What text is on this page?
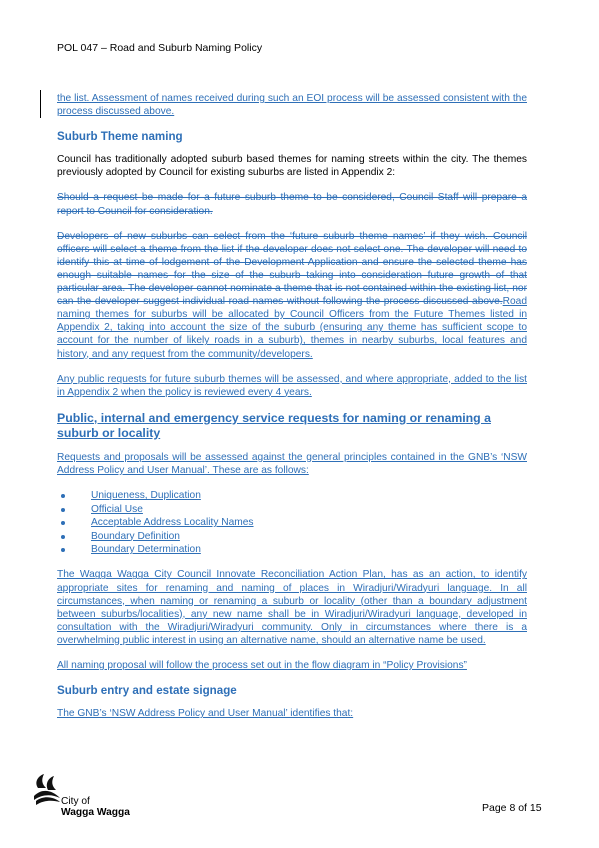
POL 047 – Road and Suburb Naming Policy

the list. Assessment of names received during such an EOI process will be assessed consistent with the process discussed above.

Suburb Theme naming

Council has traditionally adopted suburb based themes for naming streets within the city. The themes previously adopted by Council for existing suburbs are listed in Appendix 2:

Should a request be made for a future suburb theme to be considered, Council Staff will prepare a report to Council for consideration.

Developers of new suburbs can select from the ‘future suburb theme names’ if they wish. Council officers will select a theme from the list if the developer does not select one. The developer will need to identify this at time of lodgement of the Development Application and ensure the selected theme has enough suitable names for the size of the suburb taking into consideration future growth of that particular area. The developer cannot nominate a theme that is not contained within the existing list, nor can the developer suggest individual road names without following the process discussed above.Road naming themes for suburbs will be allocated by Council Officers from the Future Themes listed in Appendix 2, taking into account the size of the suburb (ensuring any theme has sufficient scope to account for the number of likely roads in a suburb), themes in nearby suburbs, local features and history, and any request from the community/developers.

Any public requests for future suburb themes will be assessed, and where appropriate, added to the list in Appendix 2 when the policy is reviewed every 4 years.

Public, internal and emergency service requests for naming or renaming a suburb or locality

Requests and proposals will be assessed against the general principles contained in the GNB’s ‘NSW Address Policy and User Manual’. These are as follows:

Uniqueness, Duplication
Official Use
Acceptable Address Locality Names
Boundary Definition
Boundary Determination

The Wagga Wagga City Council Innovate Reconciliation Action Plan, has as an action, to identify appropriate sites for renaming and naming of places in Wiradjuri/Wiradyuri language. In all circumstances, when naming or renaming a suburb or locality (other than a boundary adjustment between suburbs/localities), any new name shall be in Wiradjuri/Wiradyuri language, developed in consultation with the Wiradjuri/Wiradyuri community. Only in circumstances where there is a overwhelming public interest in using an alternative name, should an alternative name be used.

All naming proposal will follow the process set out in the flow diagram in “Policy Provisions”

Suburb entry and estate signage

The GNB’s ‘NSW Address Policy and User Manual’ identifies that:

City of
Wagga Wagga	Page 8 of 15
